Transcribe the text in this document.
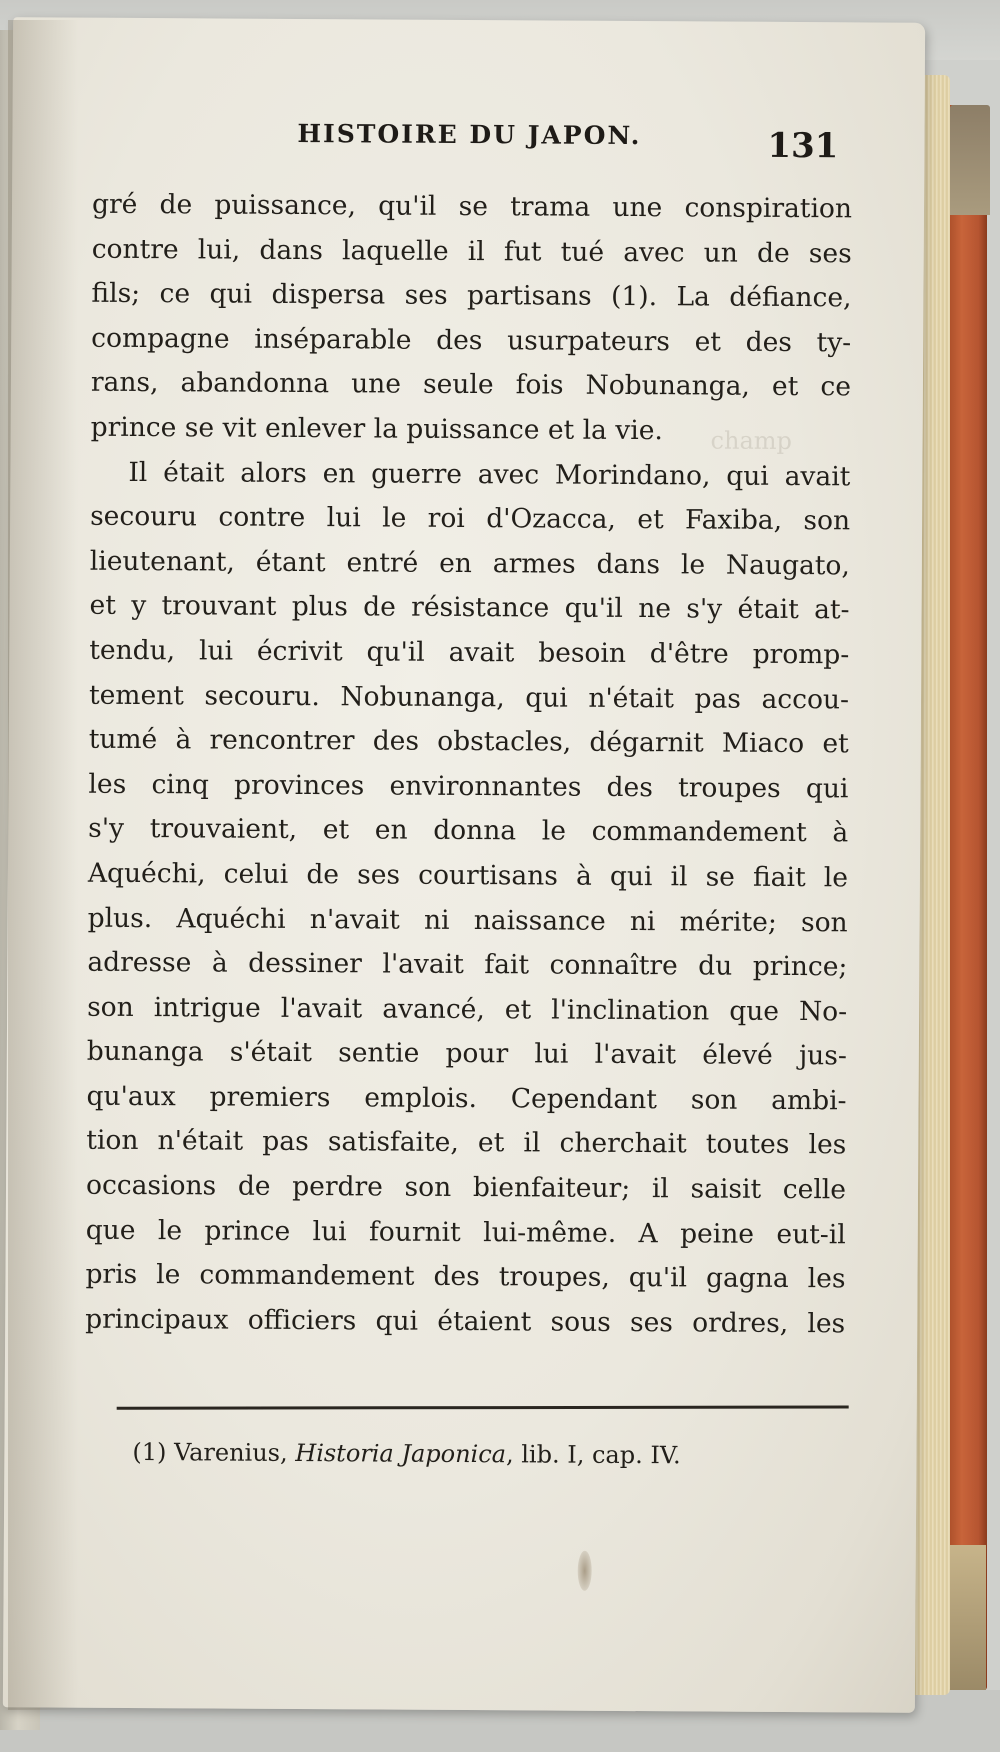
HISTOIRE DU JAPON.	131
champ
gré de puissance, qu'il se trama une conspiration
contre lui, dans laquelle il fut tué avec un de ses
fils; ce qui dispersa ses partisans (1). La défiance,
compagne inséparable des usurpateurs et des ty-
rans, abandonna une seule fois Nobunanga, et ce
prince se vit enlever la puissance et la vie.
Il était alors en guerre avec Morindano, qui avait
secouru contre lui le roi d'Ozacca, et Faxiba, son
lieutenant, étant entré en armes dans le Naugato,
et y trouvant plus de résistance qu'il ne s'y était at-
tendu, lui écrivit qu'il avait besoin d'être promp-
tement secouru. Nobunanga, qui n'était pas accou-
tumé à rencontrer des obstacles, dégarnit Miaco et
les cinq provinces environnantes des troupes qui
s'y trouvaient, et en donna le commandement à
Aquéchi, celui de ses courtisans à qui il se fiait le
plus. Aquéchi n'avait ni naissance ni mérite; son
adresse à dessiner l'avait fait connaître du prince;
son intrigue l'avait avancé, et l'inclination que No-
bunanga s'était sentie pour lui l'avait élevé jus-
qu'aux premiers emplois. Cependant son ambi-
tion n'était pas satisfaite, et il cherchait toutes les
occasions de perdre son bienfaiteur; il saisit celle
que le prince lui fournit lui-même. A peine eut-il
pris le commandement des troupes, qu'il gagna les
principaux officiers qui étaient sous ses ordres, les
(1) Varenius, Historia Japonica, lib. I, cap. IV.
